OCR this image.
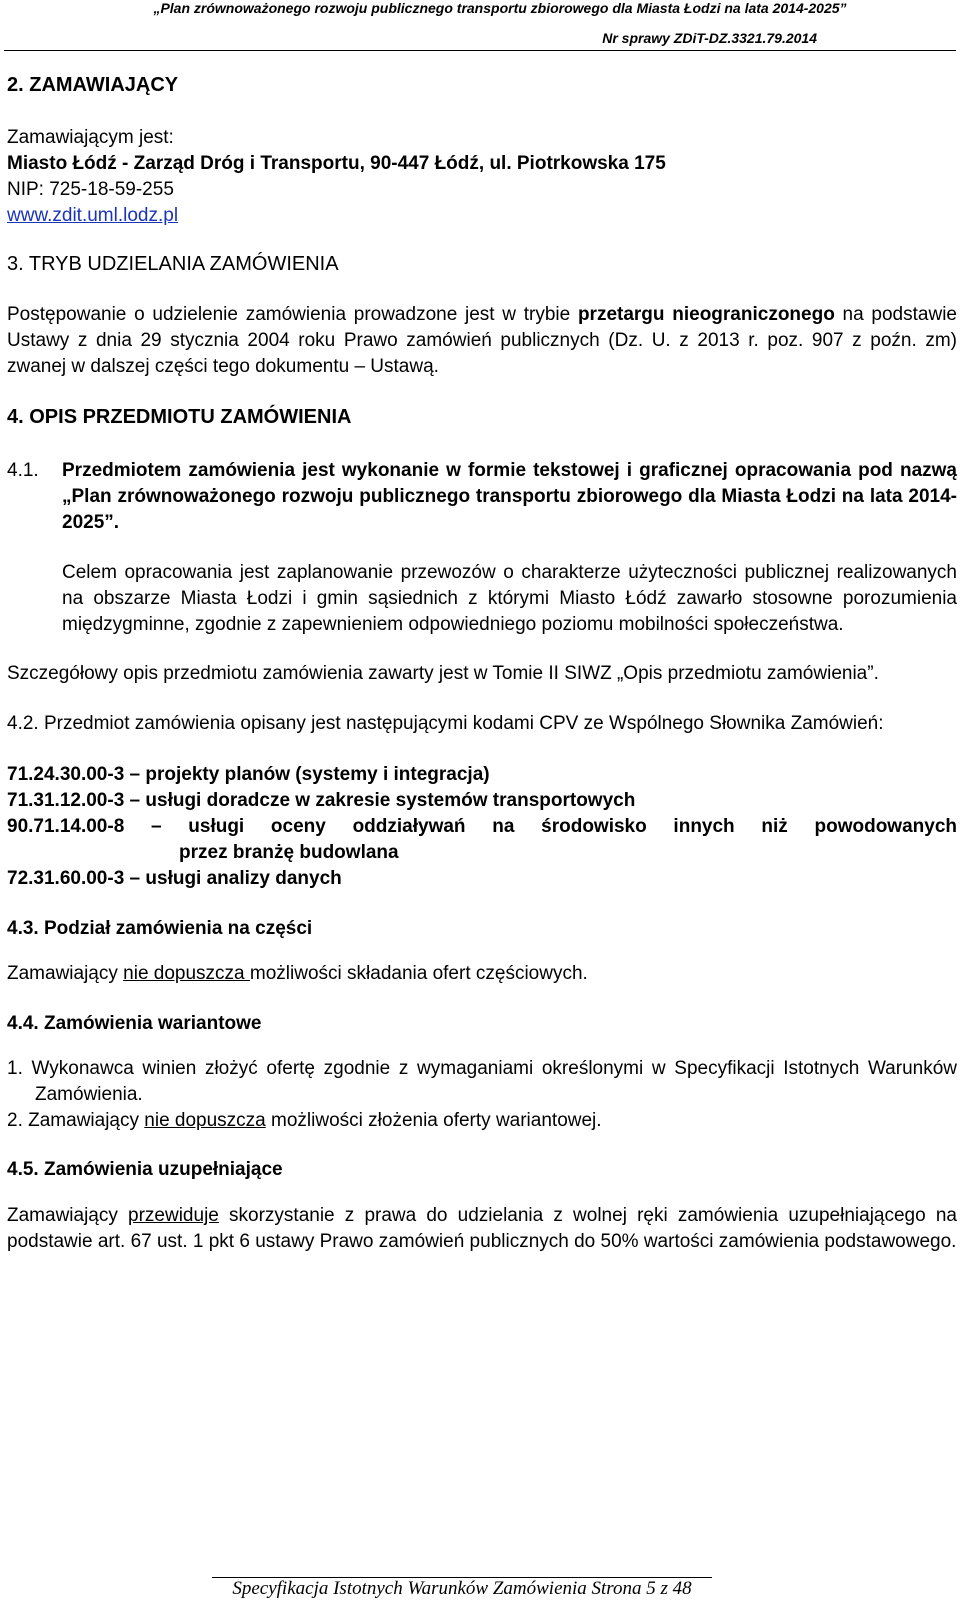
„Plan zrównoważonego rozwoju publicznego transportu zbiorowego dla Miasta Łodzi na lata 2014-2025”
Nr sprawy ZDiT-DZ.3321.79.2014

2. ZAMAWIAJĄCY

Zamawiającym jest:

Miasto Łódź - Zarząd Dróg i Transportu, 90-447 Łódź, ul. Piotrkowska 175

NIP: 725-18-59-255

www.zdit.uml.lodz.pl

3. TRYB UDZIELANIA ZAMÓWIENIA

Postępowanie o udzielenie zamówienia prowadzone jest w trybie przetargu nieograniczonego na podstawie Ustawy z dnia 29 stycznia 2004 roku Prawo zamówień publicznych (Dz. U. z 2013 r. poz. 907 z poźn. zm) zwanej w dalszej części tego dokumentu – Ustawą.

4. OPIS PRZEDMIOTU ZAMÓWIENIA

4.1.	Przedmiotem zamówienia jest wykonanie w formie tekstowej i graficznej opracowania pod nazwą „Plan zrównoważonego rozwoju publicznego transportu zbiorowego dla Miasta Łodzi na lata 2014-2025”.

Celem opracowania jest zaplanowanie przewozów o charakterze użyteczności publicznej realizowanych na obszarze Miasta Łodzi i gmin sąsiednich z którymi Miasto Łódź zawarło stosowne porozumienia międzygminne, zgodnie z zapewnieniem odpowiedniego poziomu mobilności społeczeństwa.

Szczegółowy opis przedmiotu zamówienia zawarty jest w Tomie II SIWZ „Opis przedmiotu zamówienia”.

4.2. Przedmiot zamówienia opisany jest następującymi kodami CPV ze Wspólnego Słownika Zamówień:

71.24.30.00-3 – projekty planów (systemy i integracja)

71.31.12.00-3 – usługi doradcze w zakresie systemów transportowych

90.71.14.00-8 – usługi oceny oddziaływań na środowisko innych niż powodowanych

przez branżę budowlana

72.31.60.00-3 – usługi analizy danych

4.3. Podział zamówienia na części

Zamawiający nie dopuszcza możliwości składania ofert częściowych.

4.4. Zamówienia wariantowe

1. Wykonawca winien złożyć ofertę zgodnie z wymaganiami określonymi w Specyfikacji Istotnych Warunków Zamówienia.

2. Zamawiający nie dopuszcza możliwości złożenia oferty wariantowej.

4.5. Zamówienia uzupełniające

Zamawiający przewiduje skorzystanie z prawa do udzielania z wolnej ręki zamówienia uzupełniającego na podstawie art. 67 ust. 1 pkt 6 ustawy Prawo zamówień publicznych do 50% wartości zamówienia podstawowego.

Specyfikacja Istotnych Warunków Zamówienia Strona 5 z 48
